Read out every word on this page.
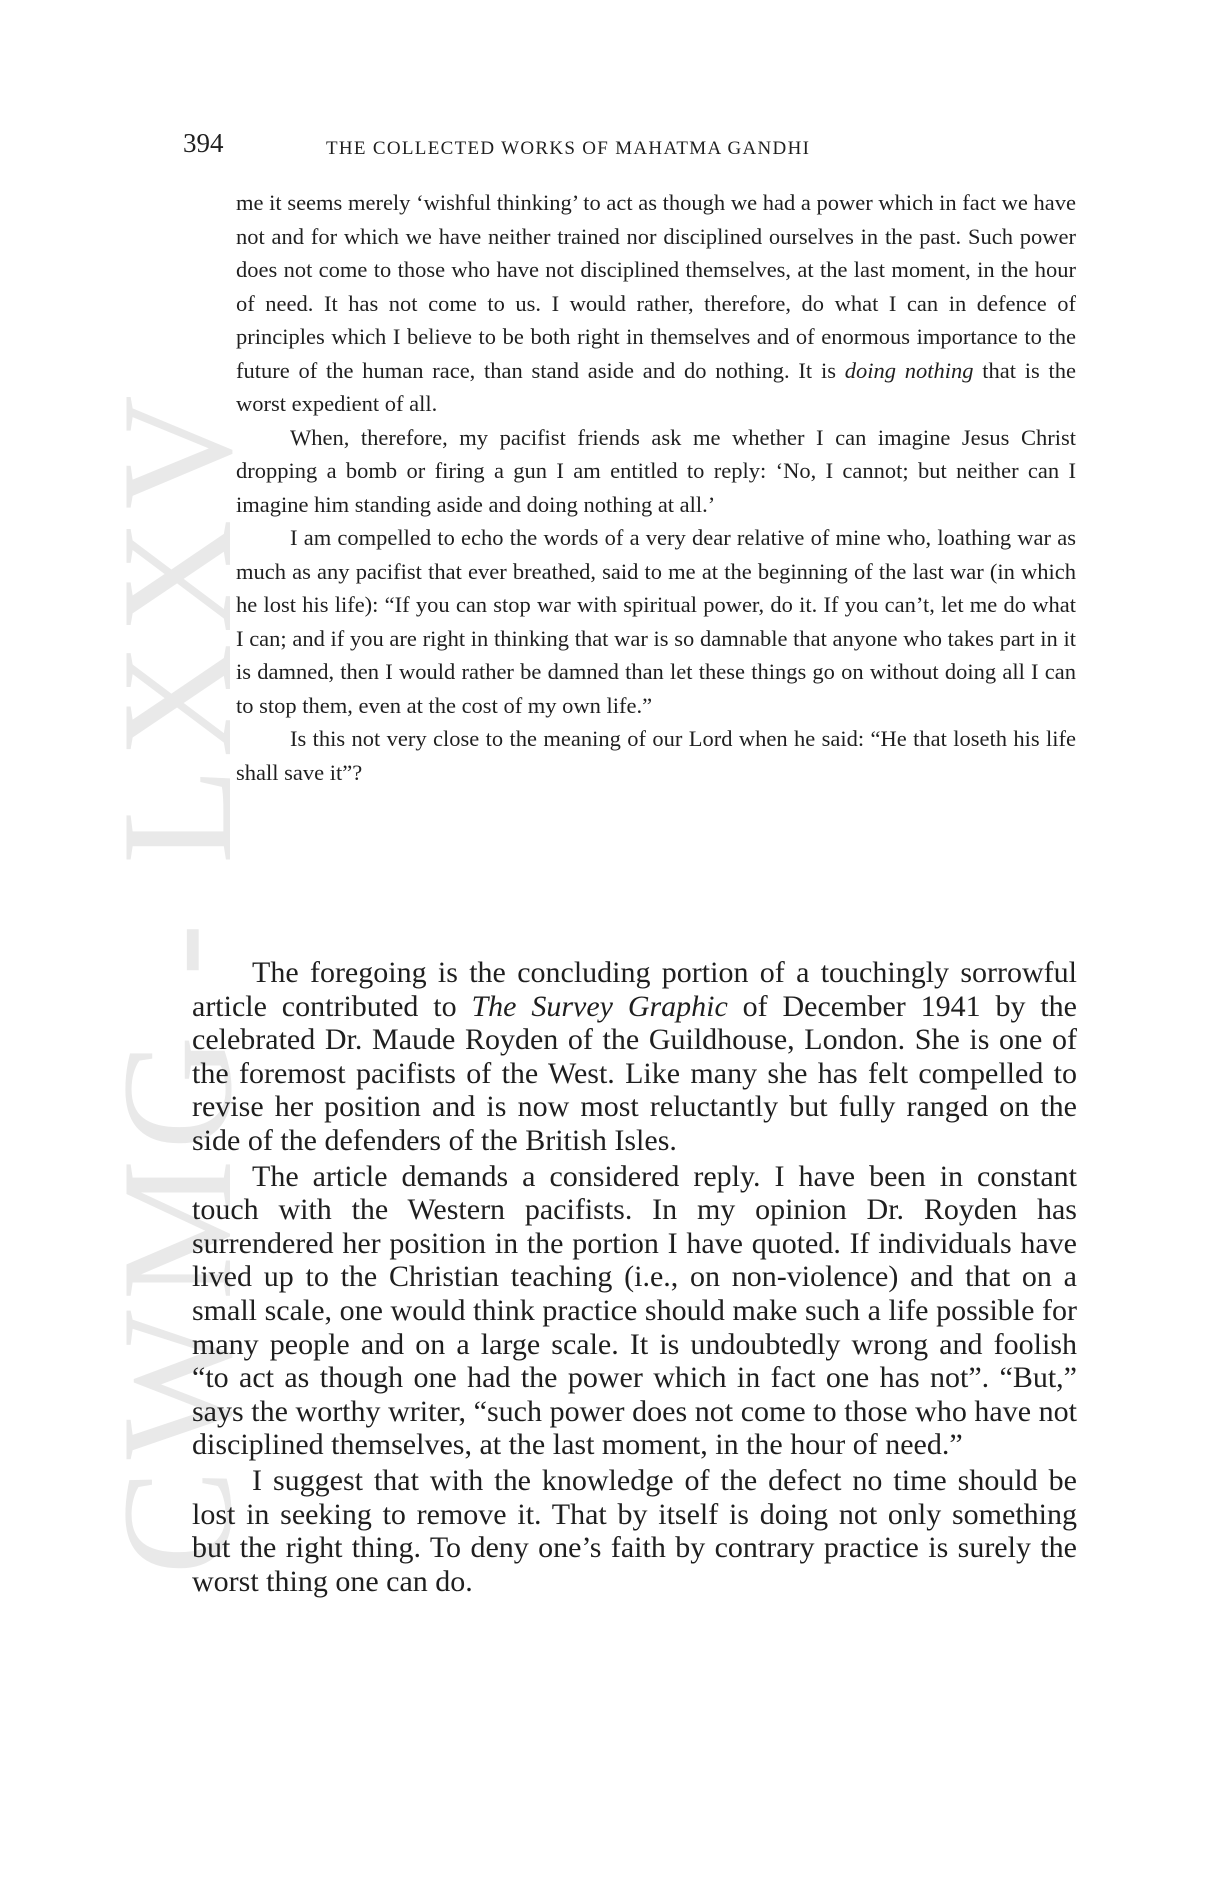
CWMG - LXXV
394	THE COLLECTED WORKS OF MAHATMA GANDHI

me it seems merely ‘wishful thinking’ to act as though we had a power which in fact we have not and for which we have neither trained nor disciplined ourselves in the past. Such power does not come to those who have not disciplined themselves, at the last moment, in the hour of need. It has not come to us. I would rather, therefore, do what I can in defence of principles which I believe to be both right in themselves and of enormous importance to the future of the human race, than stand aside and do nothing. It is doing nothing that is the worst expedient of all.

When, therefore, my pacifist friends ask me whether I can imagine Jesus Christ dropping a bomb or firing a gun I am entitled to reply: ‘No, I cannot; but neither can I imagine him standing aside and doing nothing at all.’

I am compelled to echo the words of a very dear relative of mine who, loathing war as much as any pacifist that ever breathed, said to me at the beginning of the last war (in which he lost his life): “If you can stop war with spiritual power, do it. If you can’t, let me do what I can; and if you are right in thinking that war is so damnable that anyone who takes part in it is damned, then I would rather be damned than let these things go on without doing all I can to stop them, even at the cost of my own life.”

Is this not very close to the meaning of our Lord when he said: “He that loseth his life shall save it”?

The foregoing is the concluding portion of a touchingly sorrowful article contributed to The Survey Graphic of December 1941 by the celebrated Dr. Maude Royden of the Guildhouse, London. She is one of the foremost pacifists of the West. Like many she has felt compelled to revise her position and is now most reluctantly but fully ranged on the side of the defenders of the British Isles.

The article demands a considered reply. I have been in constant touch with the Western pacifists. In my opinion Dr. Royden has surrendered her position in the portion I have quoted. If individuals have lived up to the Christian teaching (i.e., on non-violence) and that on a small scale, one would think practice should make such a life possible for many people and on a large scale. It is undoubtedly wrong and foolish “to act as though one had the power which in fact one has not”. “But,” says the worthy writer, “such power does not come to those who have not disciplined themselves, at the last moment, in the hour of need.”

I suggest that with the knowledge of the defect no time should be lost in seeking to remove it. That by itself is doing not only something but the right thing. To deny one’s faith by contrary practice is surely the worst thing one can do.
